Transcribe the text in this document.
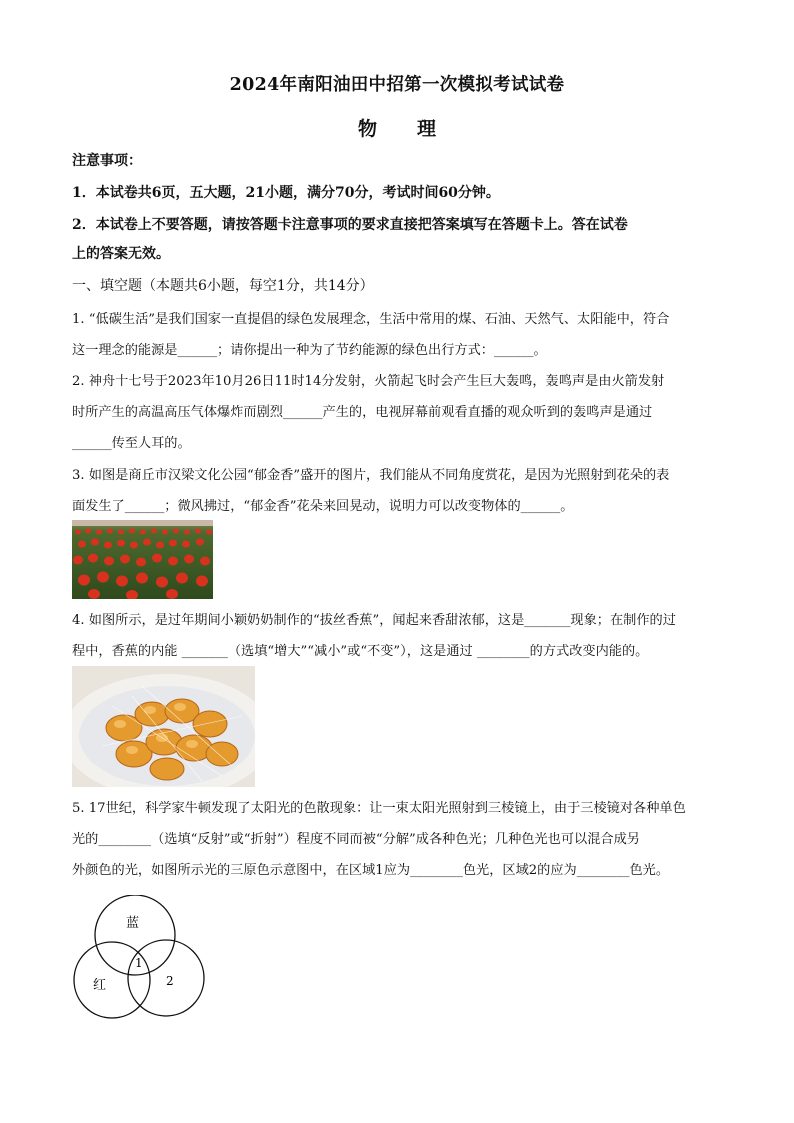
2024年南阳油田中招第一次模拟考试试卷
物 理
注意事项：
1．本试卷共6页，五大题，21小题，满分70分，考试时间60分钟。
2．本试卷上不要答题，请按答题卡注意事项的要求直接把答案填写在答题卡上。答在试卷
上的答案无效。
一、填空题（本题共6小题，每空1分，共14分）
1. “低碳生活”是我们国家一直提倡的绿色发展理念，生活中常用的煤、石油、天然气、太阳能中，符合
这一理念的能源是______；请你提出一种为了节约能源的绿色出行方式：______。
2. 神舟十七号于2023年10月26日11时14分发射，火箭起飞时会产生巨大轰鸣，轰鸣声是由火箭发射
时所产生的高温高压气体爆炸而剧烈______产生的，电视屏幕前观看直播的观众听到的轰鸣声是通过
______传至人耳的。
3. 如图是商丘市汉梁文化公园“郁金香”盛开的图片，我们能从不同角度赏花，是因为光照射到花朵的表
面发生了______；微风拂过，“郁金香”花朵来回晃动，说明力可以改变物体的______。
4. 如图所示，是过年期间小颖奶奶制作的“拔丝香蕉”，闻起来香甜浓郁，这是_______现象；在制作的过
程中，香蕉的内能 _______（选填“增大”“减小”或“不变”），这是通过 ________的方式改变内能的。
5. 17世纪，科学家牛顿发现了太阳光的色散现象：让一束太阳光照射到三棱镜上，由于三棱镜对各种单色
光的________（选填“反射”或“折射”）程度不同而被“分解”成各种色光；几种色光也可以混合成另
外颜色的光，如图所示光的三原色示意图中，在区域1应为________色光，区域2的应为________色光。
蓝
红
1
2
